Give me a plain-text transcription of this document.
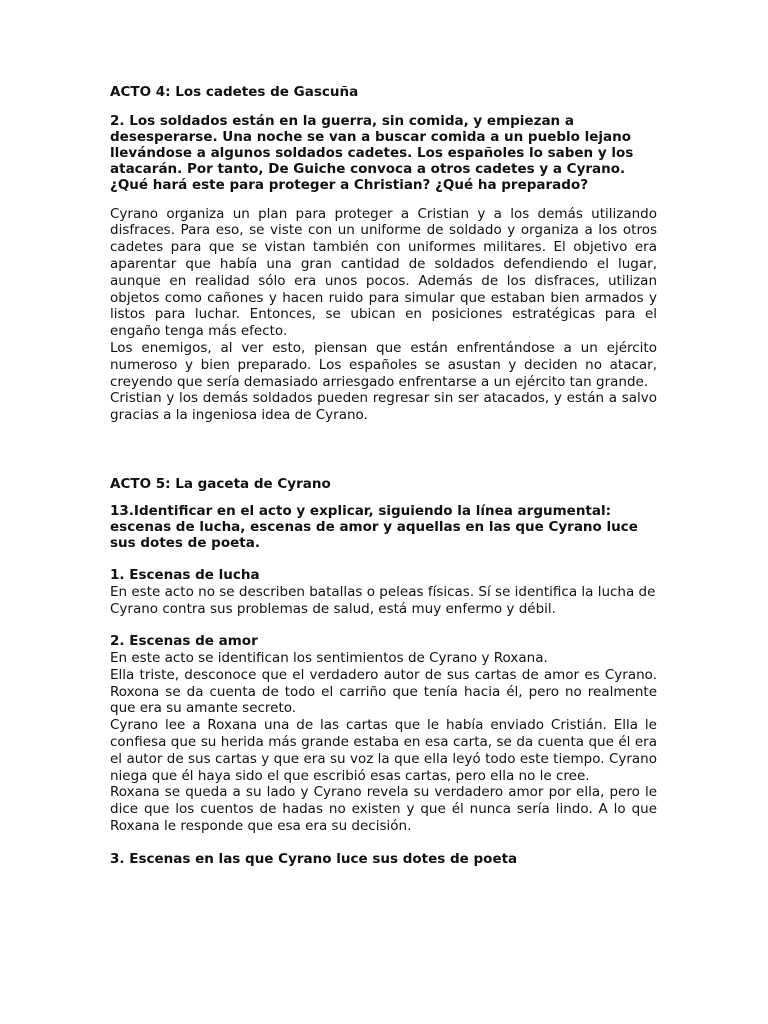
ACTO 4: Los cadetes de Gascuña

2. Los soldados están en la guerra, sin comida, y empiezan a desesperarse. Una noche se van a buscar comida a un pueblo lejano llevándose a algunos soldados cadetes. Los españoles lo saben y los atacarán. Por tanto, De Guiche convoca a otros cadetes y a Cyrano. ¿Qué hará este para proteger a Christian? ¿Qué ha preparado?

Cyrano organiza un plan para proteger a Cristian y a los demás utilizando disfraces. Para eso, se viste con un uniforme de soldado y organiza a los otros cadetes para que se vistan también con uniformes militares. El objetivo era aparentar que había una gran cantidad de soldados defendiendo el lugar, aunque en realidad sólo era unos pocos. Además de los disfraces, utilizan objetos como cañones y hacen ruido para simular que estaban bien armados y listos para luchar. Entonces, se ubican en posiciones estratégicas para el engaño tenga más efecto.

Los enemigos, al ver esto, piensan que están enfrentándose a un ejército numeroso y bien preparado. Los españoles se asustan y deciden no atacar, creyendo que sería demasiado arriesgado enfrentarse a un ejército tan grande.

Cristian y los demás soldados pueden regresar sin ser atacados, y están a salvo gracias a la ingeniosa idea de Cyrano.

ACTO 5: La gaceta de Cyrano

13.Identificar en el acto y explicar, siguiendo la línea argumental: escenas de lucha, escenas de amor y aquellas en las que Cyrano luce sus dotes de poeta.

1. Escenas de lucha

En este acto no se describen batallas o peleas físicas. Sí se identifica la lucha de Cyrano contra sus problemas de salud, está muy enfermo y débil.

2. Escenas de amor

En este acto se identifican los sentimientos de Cyrano y Roxana.

Ella triste, desconoce que el verdadero autor de sus cartas de amor es Cyrano. Roxona se da cuenta de todo el carriño que tenía hacia él, pero no realmente que era su amante secreto.

Cyrano lee a Roxana una de las cartas que le había enviado Cristián. Ella le confiesa que su herida más grande estaba en esa carta, se da cuenta que él era el autor de sus cartas y que era su voz la que ella leyó todo este tiempo. Cyrano niega que él haya sido el que escribió esas cartas, pero ella no le cree.

Roxana se queda a su lado y Cyrano revela su verdadero amor por ella, pero le dice que los cuentos de hadas no existen y que él nunca sería lindo. A lo que Roxana le responde que esa era su decisión.

3. Escenas en las que Cyrano luce sus dotes de poeta
